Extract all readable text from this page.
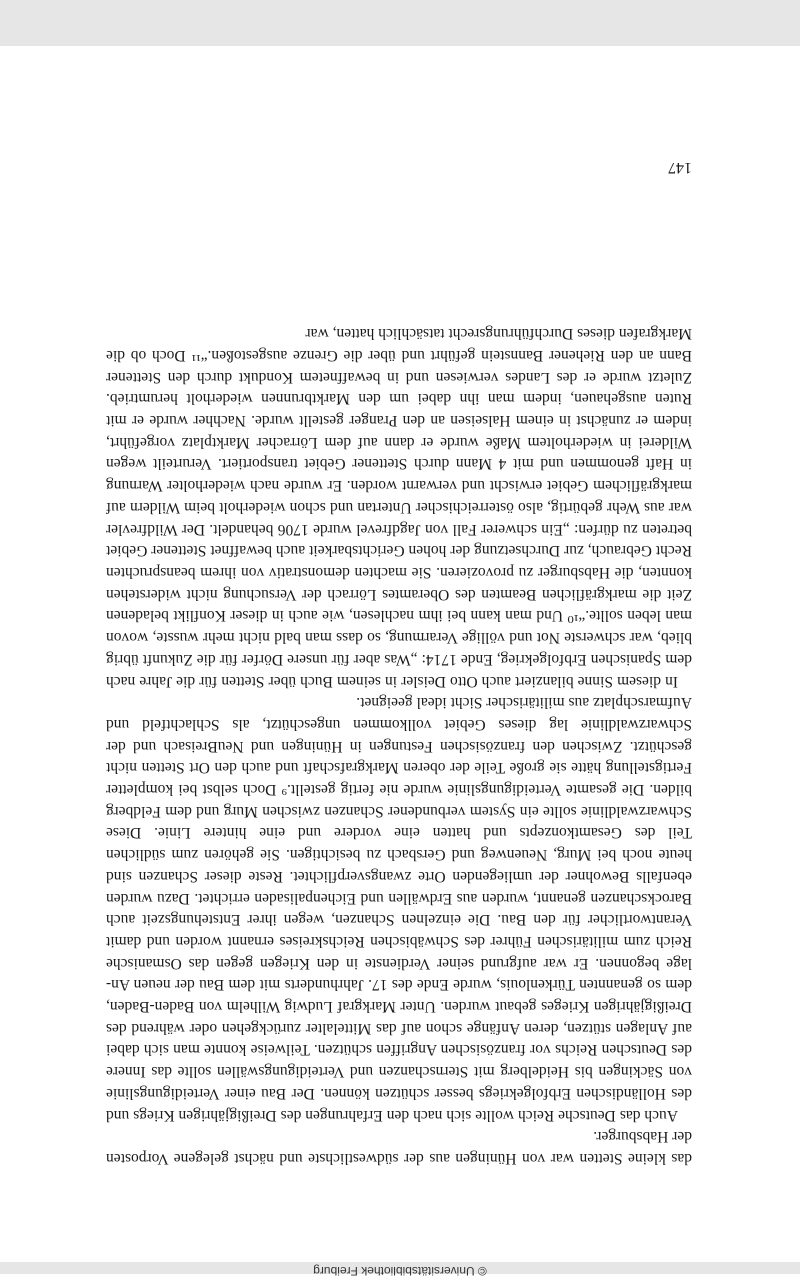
© Universitätsbibliothek Freiburg

das kleine Stetten war von Hüningen aus der südwestlichste und nächst gelegene Vorposten der Habsburger.

Auch das Deutsche Reich wollte sich nach den Erfahrungen des Dreißigjährigen Kriegs und des Holländischen Erbfolgekriegs besser schützen können. Der Bau einer Verteidigungslinie von Säckingen bis Heidelberg mit Sternschanzen und Verteidigungswällen sollte das Innere des Deutschen Reichs vor französischen Angriffen schützen. Teilweise konnte man sich dabei auf Anlagen stützen, deren Anfänge schon auf das Mittelalter zurückgehen oder während des Dreißigjährigen Krieges gebaut wurden. Unter Markgraf Ludwig Wilhelm von Baden-Baden, dem so genannten Türkenlouis, wurde Ende des 17. Jahrhunderts mit dem Bau der neuen Anlage begonnen. Er war aufgrund seiner Verdienste in den Kriegen gegen das Osmanische Reich zum militärischen Führer des Schwäbischen Reichskreises ernannt worden und damit Verantwortlicher für den Bau. Die einzelnen Schanzen, wegen ihrer Entstehungszeit auch Barockschanzen genannt, wurden aus Erdwällen und Eichenpalisaden errichtet. Dazu wurden ebenfalls Bewohner der umliegenden Orte zwangsverpflichtet. Reste dieser Schanzen sind heute noch bei Murg, Neuenweg und Gersbach zu besichtigen. Sie gehören zum südlichen Teil des Gesamtkonzepts und hatten eine vordere und eine hintere Linie. Diese Schwarzwaldlinie sollte ein System verbundener Schanzen zwischen Murg und dem Feldberg bilden. Die gesamte Verteidigungslinie wurde nie fertig gestellt.⁹ Doch selbst bei kompletter Fertigstellung hätte sie große Teile der oberen Markgrafschaft und auch den Ort Stetten nicht geschützt. Zwischen den französischen Festungen in Hüningen und NeuBreisach und der Schwarzwaldlinie lag dieses Gebiet vollkommen ungeschützt, als Schlachtfeld und Aufmarschplatz aus militärischer Sicht ideal geeignet.

In diesem Sinne bilanziert auch Otto Deisler in seinem Buch über Stetten für die Jahre nach dem Spanischen Erbfolgekrieg, Ende 1714: „Was aber für unsere Dörfer für die Zukunft übrig blieb, war schwerste Not und völlige Verarmung, so dass man bald nicht mehr wusste, wovon man leben sollte.“¹⁰ Und man kann bei ihm nachlesen, wie auch in dieser Konflikt beladenen Zeit die markgräflichen Beamten des Oberamtes Lörrach der Versuchung nicht widerstehen konnten, die Habsburger zu provozieren. Sie machten demonstrativ von ihrem beanspruchten Recht Gebrauch, zur Durchsetzung der hohen Gerichtsbarkeit auch bewaffnet Stettener Gebiet betreten zu dürfen: „Ein schwerer Fall von Jagdfrevel wurde 1706 behandelt. Der Wildfrevler war aus Wehr gebürtig, also österreichischer Untertan und schon wiederholt beim Wildern auf markgräflichem Gebiet erwischt und verwarnt worden. Er wurde nach wiederholter Warnung in Haft genommen und mit 4 Mann durch Stettener Gebiet transportiert. Verurteilt wegen Wilderei in wiederholtem Maße wurde er dann auf dem Lörracher Marktplatz vorgeführt, indem er zunächst in einem Halseisen an den Pranger gestellt wurde. Nachher wurde er mit Ruten ausgehauen, indem man ihn dabei um den Marktbrunnen wiederholt herumtrieb. Zuletzt wurde er des Landes verwiesen und in bewaffnetem Kondukt durch den Stettener Bann an den Riehener Bannstein geführt und über die Grenze ausgestoßen.“¹¹ Doch ob die Markgrafen dieses Durchführungsrecht tatsächlich hatten, war

147
